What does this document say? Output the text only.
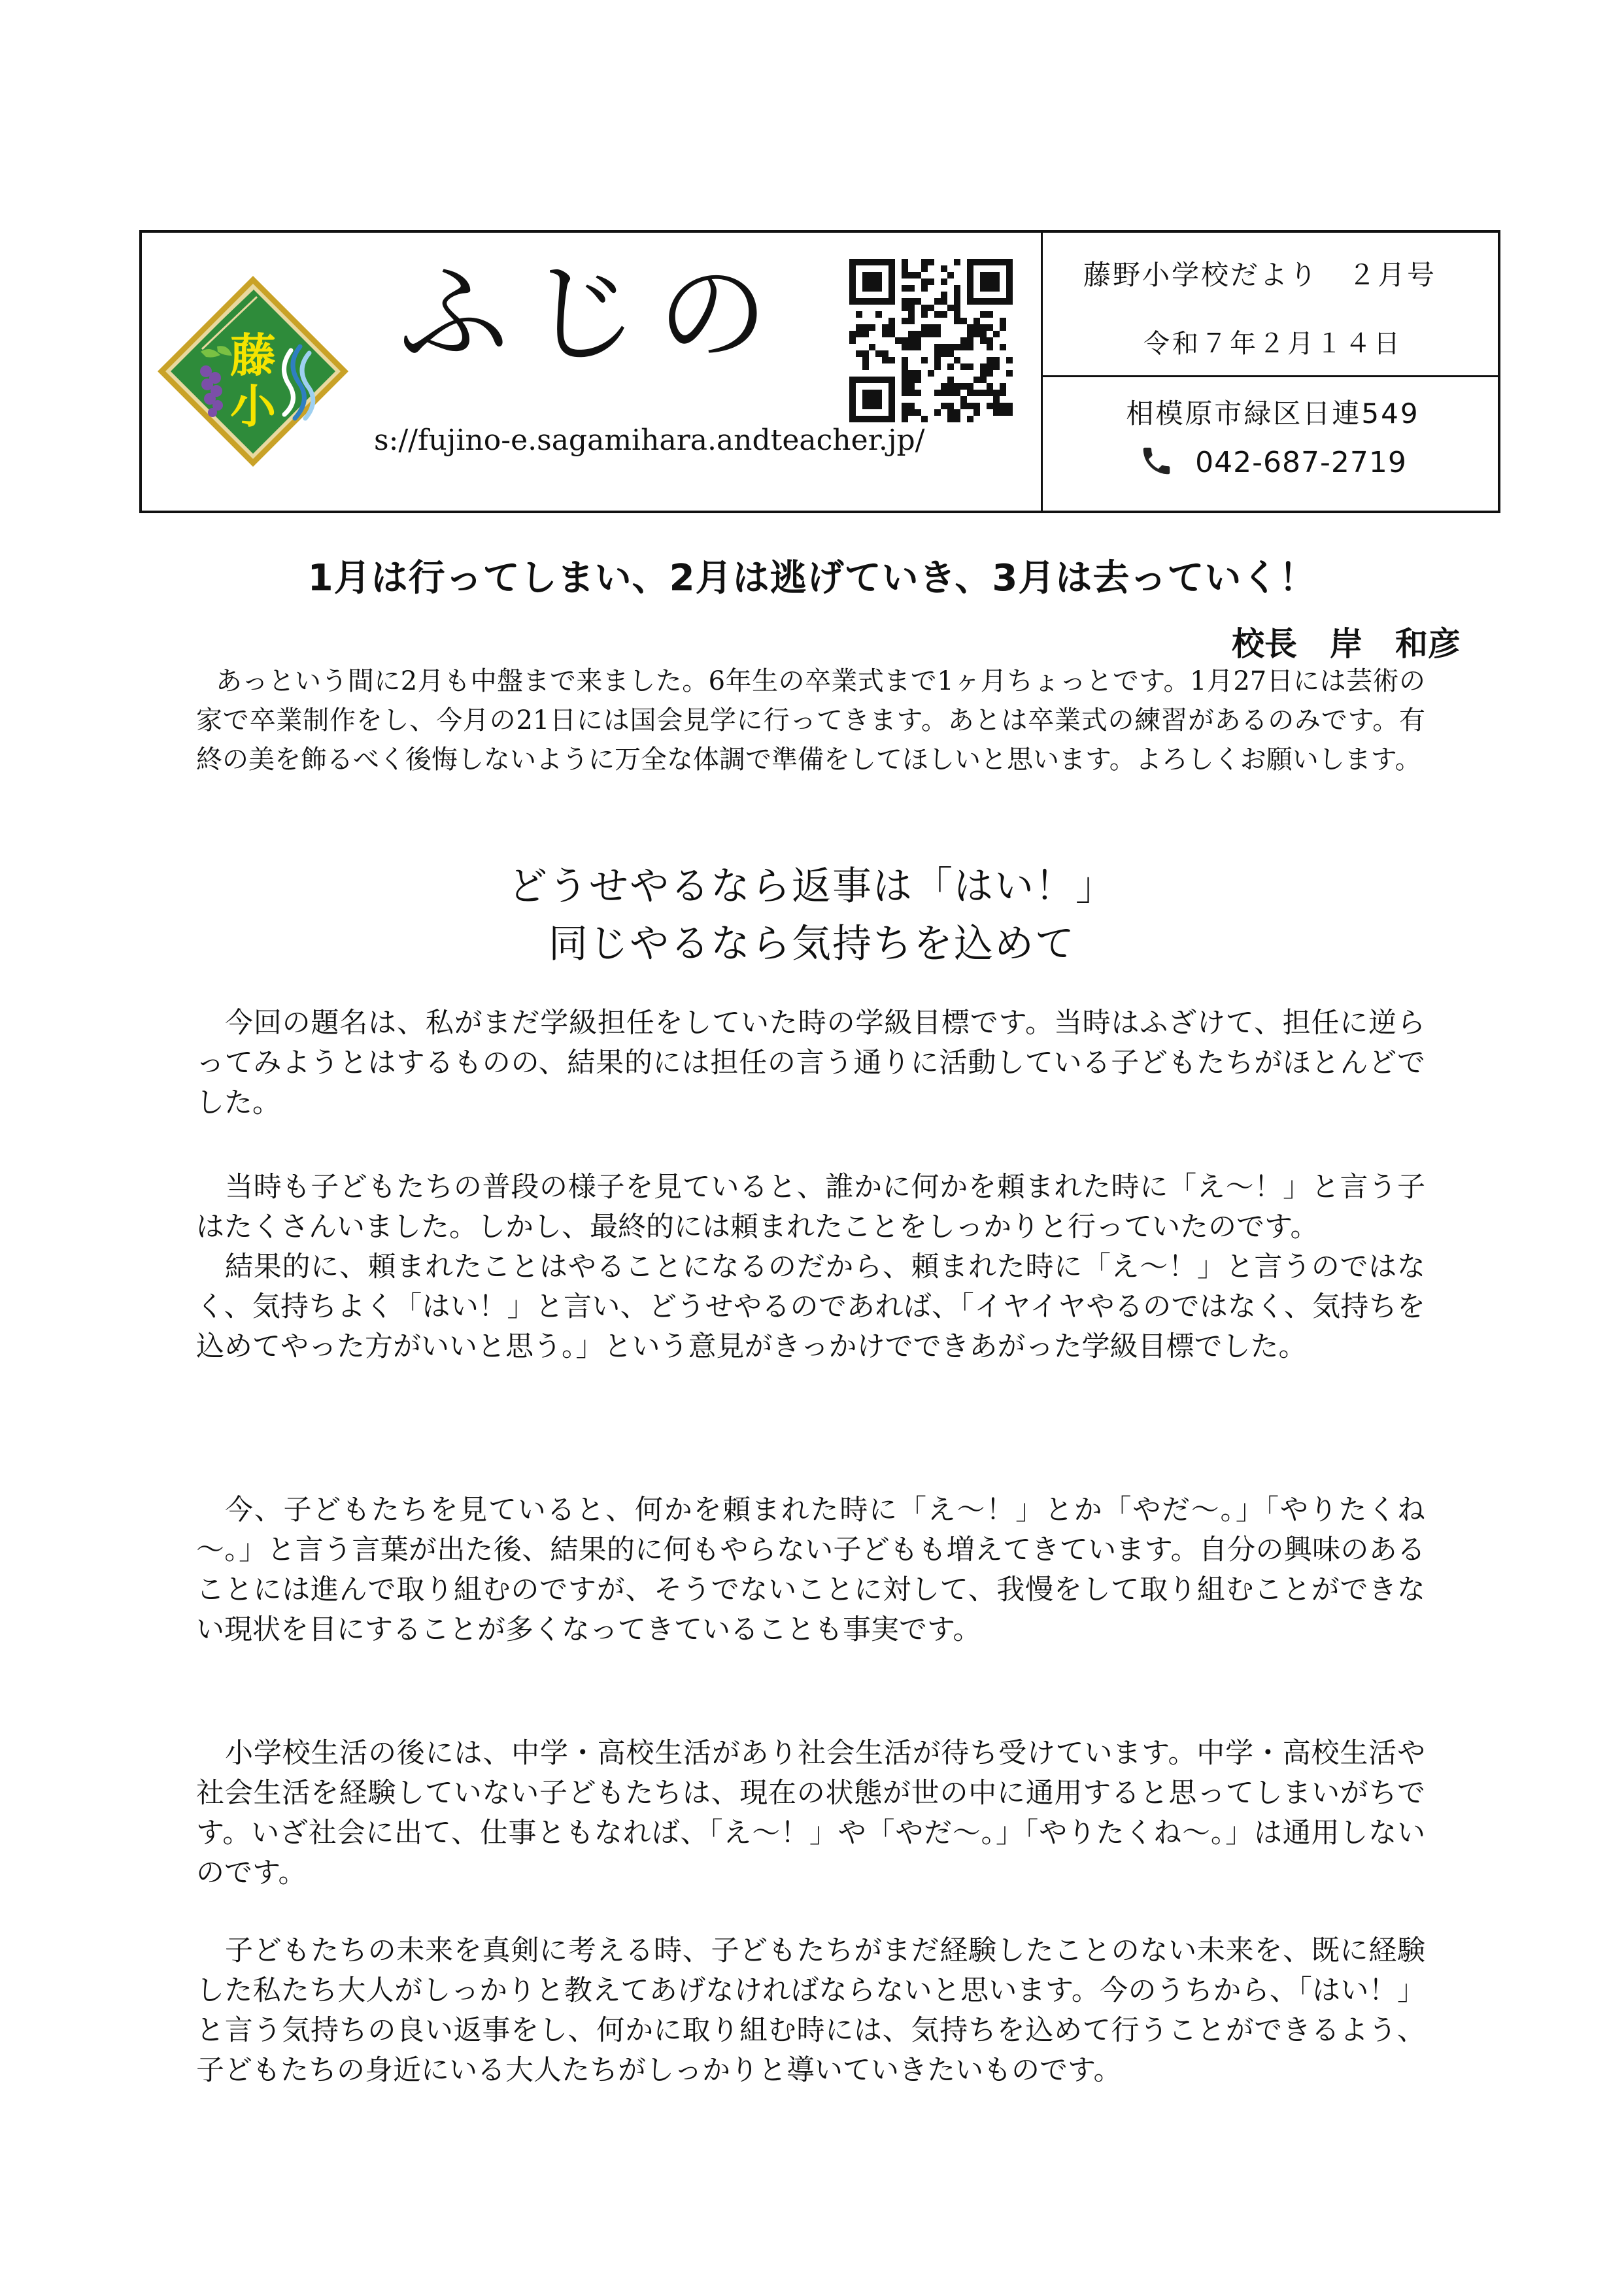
藤
小
ふじの
s://fujino-e.sagamihara.andteacher.jp/
藤野小学校だより　２月号
令和７年２月１４日
相模原市緑区日連549
042-687-2719
1月は行ってしまい、2月は逃げていき、3月は去っていく！
校長　岸　和彦

あっという間に2月も中盤まで来ました。6年生の卒業式まで1ヶ月ちょっとです。1月27日には芸術の家で卒業制作をし、今月の21日には国会見学に行ってきます。あとは卒業式の練習があるのみです。有終の美を飾るべく後悔しないように万全な体調で準備をしてほしいと思います。よろしくお願いします。

どうせやるなら返事は「はい！」
同じやるなら気持ちを込めて

今回の題名は、私がまだ学級担任をしていた時の学級目標です。当時はふざけて、担任に逆らってみようとはするものの、結果的には担任の言う通りに活動している子どもたちがほとんどでした。

当時も子どもたちの普段の様子を見ていると、誰かに何かを頼まれた時に「え～！」と言う子はたくさんいました。しかし、最終的には頼まれたことをしっかりと行っていたのです。

結果的に、頼まれたことはやることになるのだから、頼まれた時に「え～！」と言うのではなく、気持ちよく「はい！」と言い、どうせやるのであれば、「イヤイヤやるのではなく、気持ちを込めてやった方がいいと思う。」という意見がきっかけでできあがった学級目標でした。

今、子どもたちを見ていると、何かを頼まれた時に「え～！」とか「やだ～。」「やりたくね～。」と言う言葉が出た後、結果的に何もやらない子どもも増えてきています。自分の興味のあることには進んで取り組むのですが、そうでないことに対して、我慢をして取り組むことができない現状を目にすることが多くなってきていることも事実です。

小学校生活の後には、中学・高校生活があり社会生活が待ち受けています。中学・高校生活や社会生活を経験していない子どもたちは、現在の状態が世の中に通用すると思ってしまいがちです。いざ社会に出て、仕事ともなれば、「え～！」や「やだ～。」「やりたくね～。」は通用しないのです。

子どもたちの未来を真剣に考える時、子どもたちがまだ経験したことのない未来を、既に経験した私たち大人がしっかりと教えてあげなければならないと思います。今のうちから、「はい！」と言う気持ちの良い返事をし、何かに取り組む時には、気持ちを込めて行うことができるよう、子どもたちの身近にいる大人たちがしっかりと導いていきたいものです。
